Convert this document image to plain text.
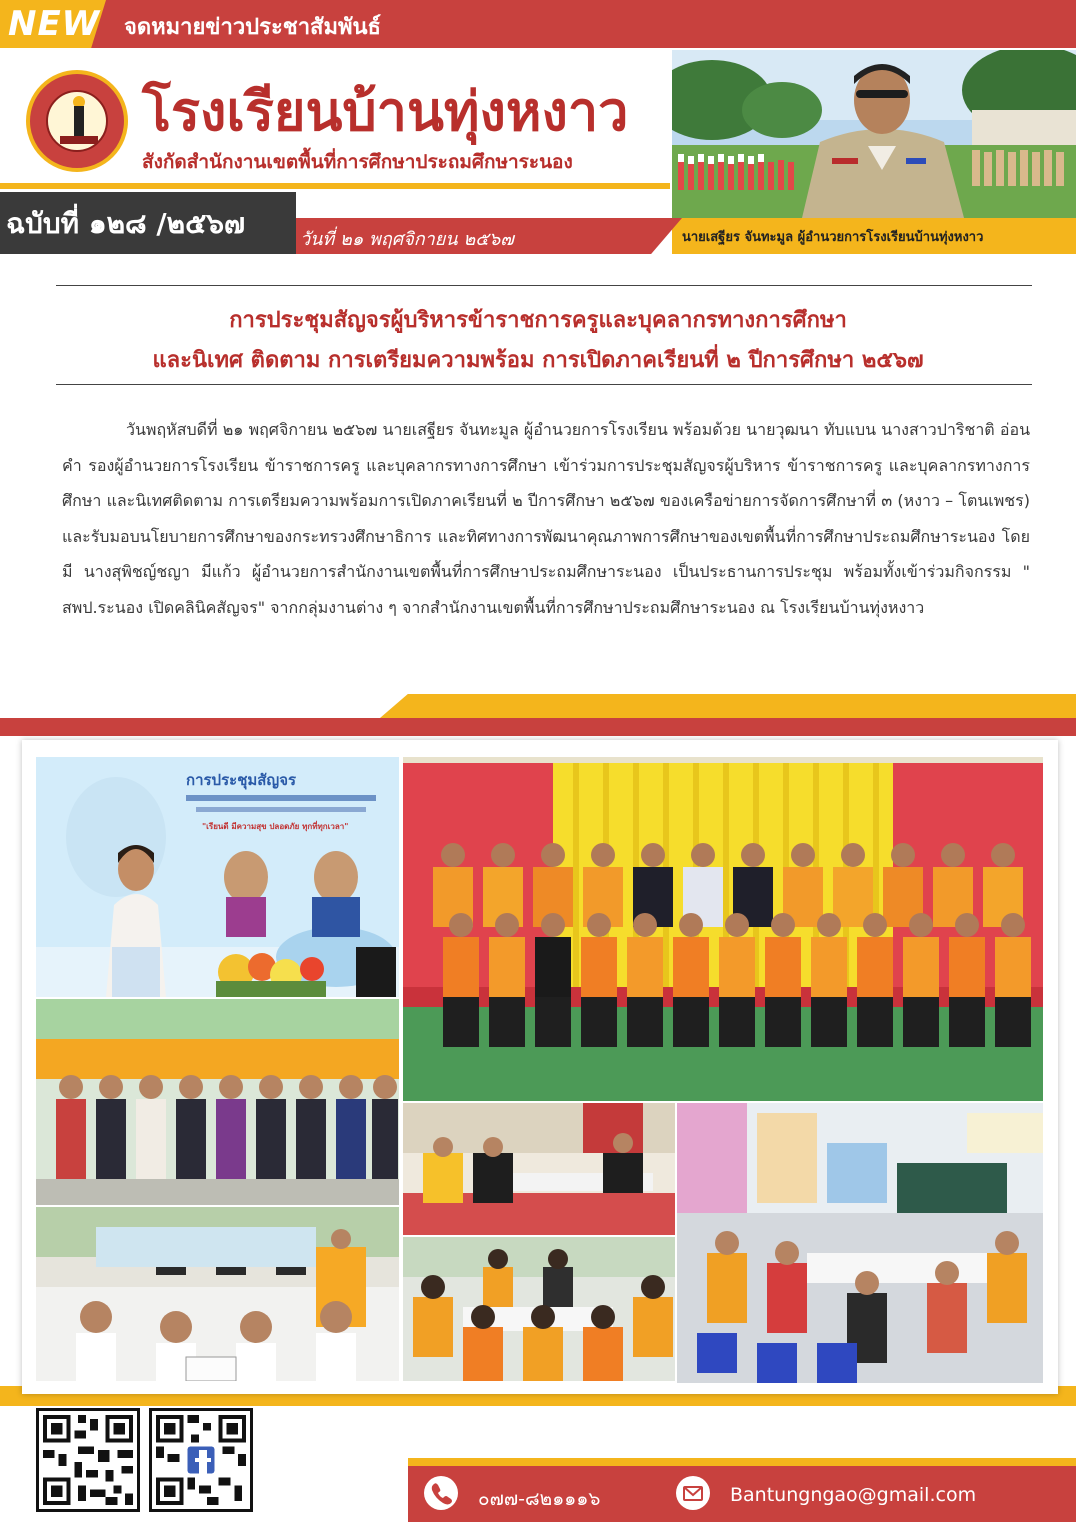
NEW จดหมายข่าวประชาสัมพันธ์
โรงเรียนบ้านทุ่งหงาว
สังกัดสำนักงานเขตพื้นที่การศึกษาประถมศึกษาระนอง
นายเสฐียร จันทะมูล ผู้อำนวยการโรงเรียนบ้านทุ่งหงาว
ฉบับที่ ๑๒๘ /๒๕๖๗	วันที่ ๒๑ พฤศจิกายน ๒๕๖๗
การประชุมสัญจรผู้บริหารข้าราชการครูและบุคลากรทางการศึกษา
และนิเทศ ติดตาม การเตรียมความพร้อม การเปิดภาคเรียนที่ ๒ ปีการศึกษา ๒๕๖๗
วันพฤหัสบดีที่ ๒๑ พฤศจิกายน ๒๕๖๗ นายเสฐียร จันทะมูล ผู้อำนวยการโรงเรียน พร้อมด้วย นายวุฒนา ทับแบน นางสาวปาริชาติ อ่อนคำ รองผู้อำนวยการโรงเรียน ข้าราชการครู และบุคลากรทางการศึกษา เข้าร่วมการประชุมสัญจรผู้บริหาร ข้าราชการครู และบุคลากรทางการศึกษา และนิเทศติดตาม การเตรียมความพร้อมการเปิดภาคเรียนที่ ๒ ปีการศึกษา ๒๕๖๗ ของเครือข่ายการจัดการศึกษาที่ ๓ (หงาว – โตนเพชร) และรับมอบนโยบายการศึกษาของกระทรวงศึกษาธิการ และทิศทางการพัฒนาคุณภาพการศึกษาของเขตพื้นที่การศึกษาประถมศึกษาระนอง โดยมี นางสุพิชญ์ชญา มีแก้ว ผู้อำนวยการสำนักงานเขตพื้นที่การศึกษาประถมศึกษาระนอง เป็นประธานการประชุม พร้อมทั้งเข้าร่วมกิจกรรม " สพป.ระนอง เปิดคลินิคสัญจร" จากกลุ่มงานต่าง ๆ จากสำนักงานเขตพื้นที่การศึกษาประถมศึกษาระนอง ณ โรงเรียนบ้านทุ่งหงาว
การประชุมสัญจร
"เรียนดี มีความสุข ปลอดภัย ทุกที่ทุกเวลา"
๐๗๗-๘๒๑๑๑๖	Bantungngao@gmail.com
